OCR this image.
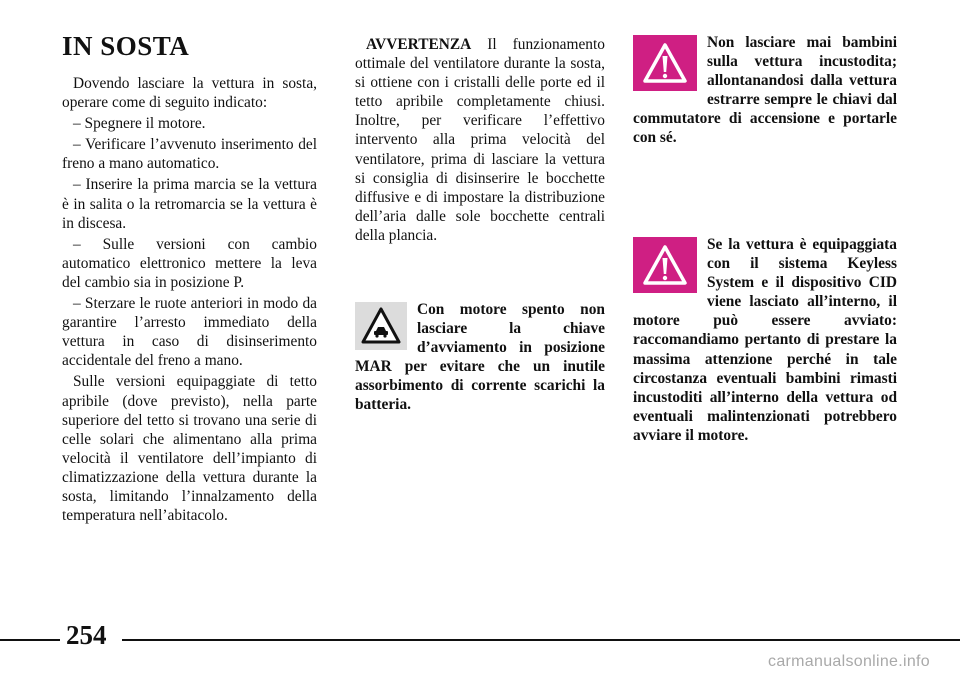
IN SOSTA

Dovendo lasciare la vettura in sosta, operare come di seguito indicato:

– Spegnere il motore.

– Verificare l’avvenuto inserimento del freno a mano automatico.

– Inserire la prima marcia se la vettura è in salita o la retromarcia se la vettura è in discesa.

– Sulle versioni con cambio automatico elettronico mettere la leva del cambio sia in posizione P.

– Sterzare le ruote anteriori in modo da garantire l’arresto immediato della vettura in caso di disinserimento accidentale del freno a mano.

Sulle versioni equipaggiate di tetto apribile (dove previsto), nella parte superiore del tetto si trovano una serie di celle solari che alimentano alla prima velocità il ventilatore dell’impianto di climatizzazione della vettura durante la sosta, limitando l’innalzamento della temperatura nell’abitacolo.

AVVERTENZA Il funzionamento ottimale del ventilatore durante la sosta, si ottiene con i cristalli delle porte ed il tetto apribile completamente chiusi. Inoltre, per verificare l’effettivo intervento alla prima velocità del ventilatore, prima di lasciare la vettura si consiglia di disinserire le bocchette diffusive e di impostare la distribuzione dell’aria dalle sole bocchette centrali della plancia.

Con motore spento non lasciare la chiave d’avviamento in posizione MAR per evitare che un inutile assorbimento di corrente scarichi la batteria.
Non lasciare mai bambini sulla vettura incustodita; allontanandosi dalla vettura estrarre sempre le chiavi dal commutatore di accensione e portarle con sé.
Se la vettura è equipaggiata con il sistema Keyless System e il dispositivo CID viene lasciato all’interno, il motore può essere avviato: raccomandiamo pertanto di prestare la massima attenzione perché in tale circostanza eventuali bambini rimasti incustoditi all’interno della vettura od eventuali malintenzionati potrebbero avviare il motore.
254
carmanualsonline.info
